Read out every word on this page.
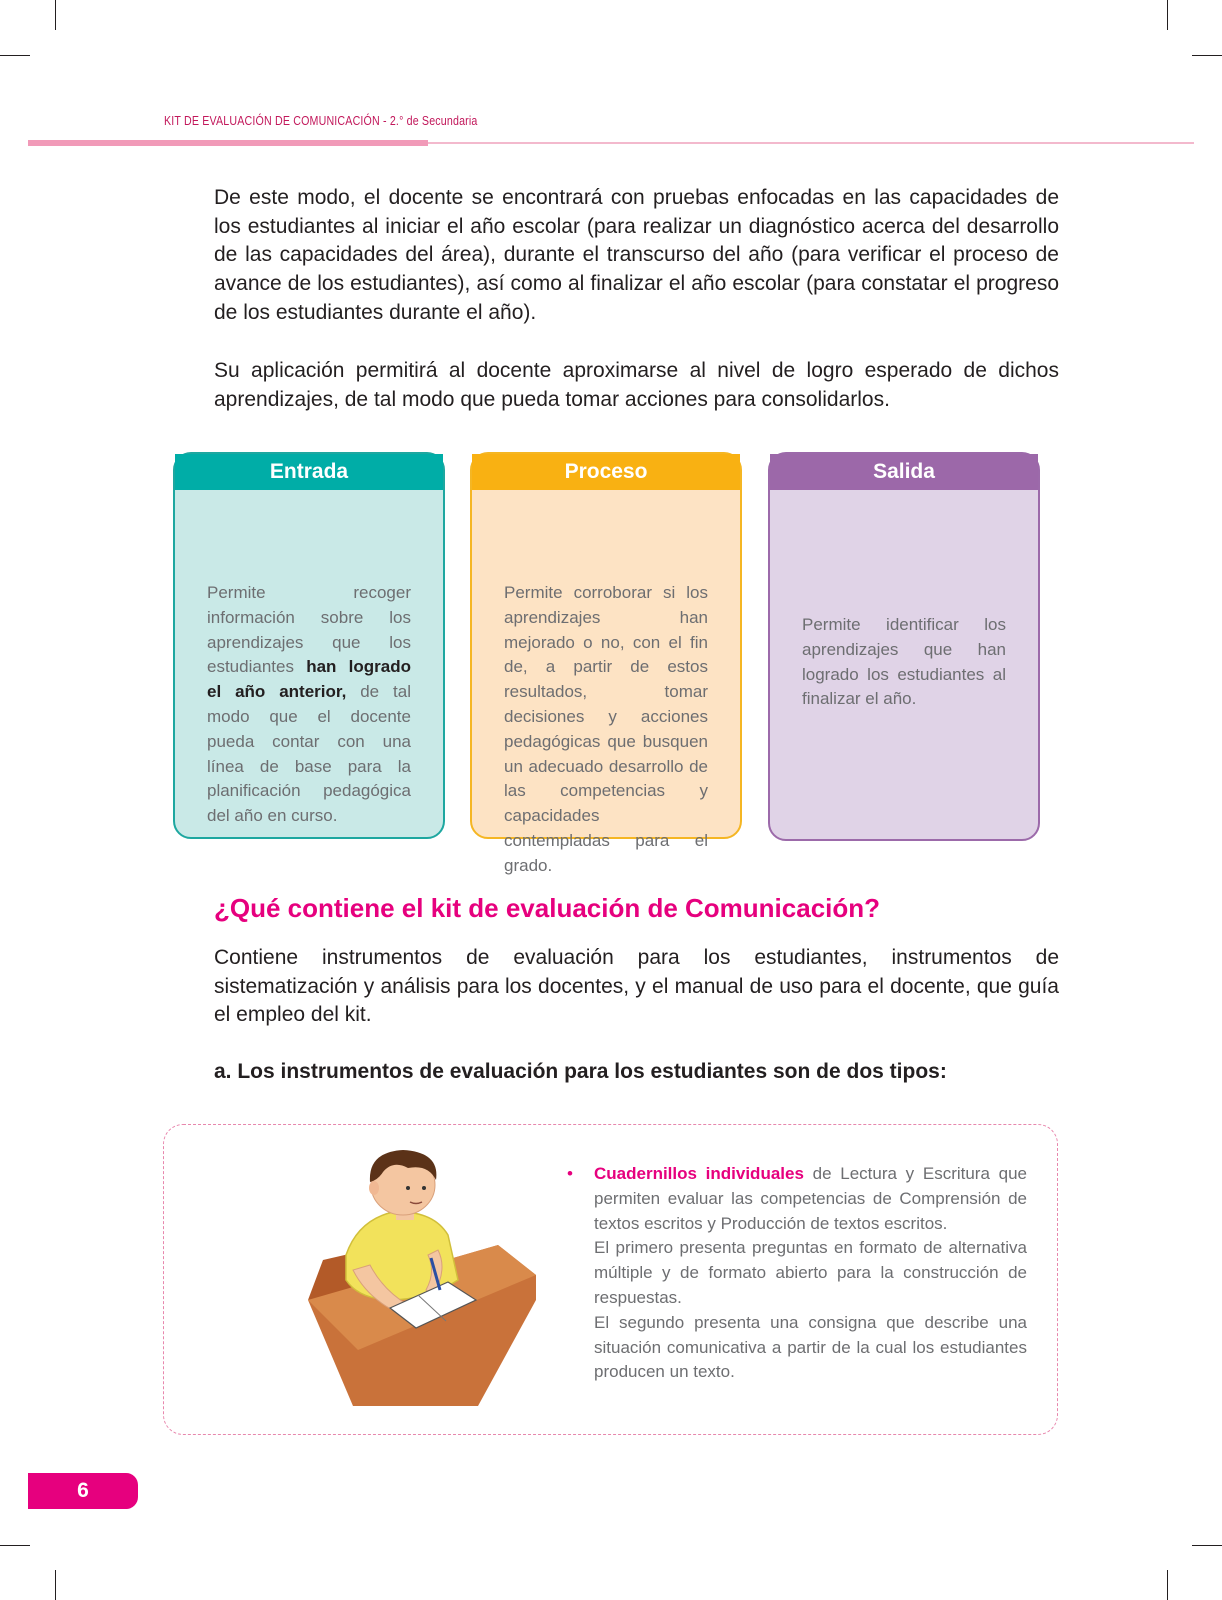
KIT DE EVALUACIÓN DE COMUNICACIÓN - 2.° de Secundaria

De este modo, el docente se encontrará con pruebas enfocadas en las capacidades de los estudiantes al iniciar el año escolar (para realizar un diagnóstico acerca del desarrollo de las capacidades del área), durante el transcurso del año (para verificar el proceso de avance de los estudiantes), así como al finalizar el año escolar (para constatar el progreso de los estudiantes durante el año).

Su aplicación permitirá al docente aproximarse al nivel de logro esperado de dichos aprendizajes, de tal modo que pueda tomar acciones para consolidarlos.

Entrada
Permite recoger información sobre los aprendizajes que los estudiantes han logrado el año anterior, de tal modo que el docente pueda contar con una línea de base para la planificación pedagógica del año en curso.
Proceso
Permite corroborar si los aprendizajes han mejorado o no, con el fin de, a partir de estos resultados, tomar decisiones y acciones pedagógicas que busquen un adecuado desarrollo de las competencias y capacidades contempladas para el grado.
Salida
Permite identificar los aprendizajes que han logrado los estudiantes al finalizar el año.
¿Qué contiene el kit de evaluación de Comunicación?

Contiene instrumentos de evaluación para los estudiantes, instrumentos de sistematización y análisis para los docentes, y el manual de uso para el docente, que guía el empleo del kit.

a. Los instrumentos de evaluación para los estudiantes son de dos tipos:
• Cuadernillos individuales de Lectura y Escritura que permiten evaluar las competencias de Comprensión de textos escritos y Producción de textos escritos.
El primero presenta preguntas en formato de alternativa múltiple y de formato abierto para la construcción de respuestas.
El segundo presenta una consigna que describe una situación comunicativa a partir de la cual los estudiantes producen un texto.
6
